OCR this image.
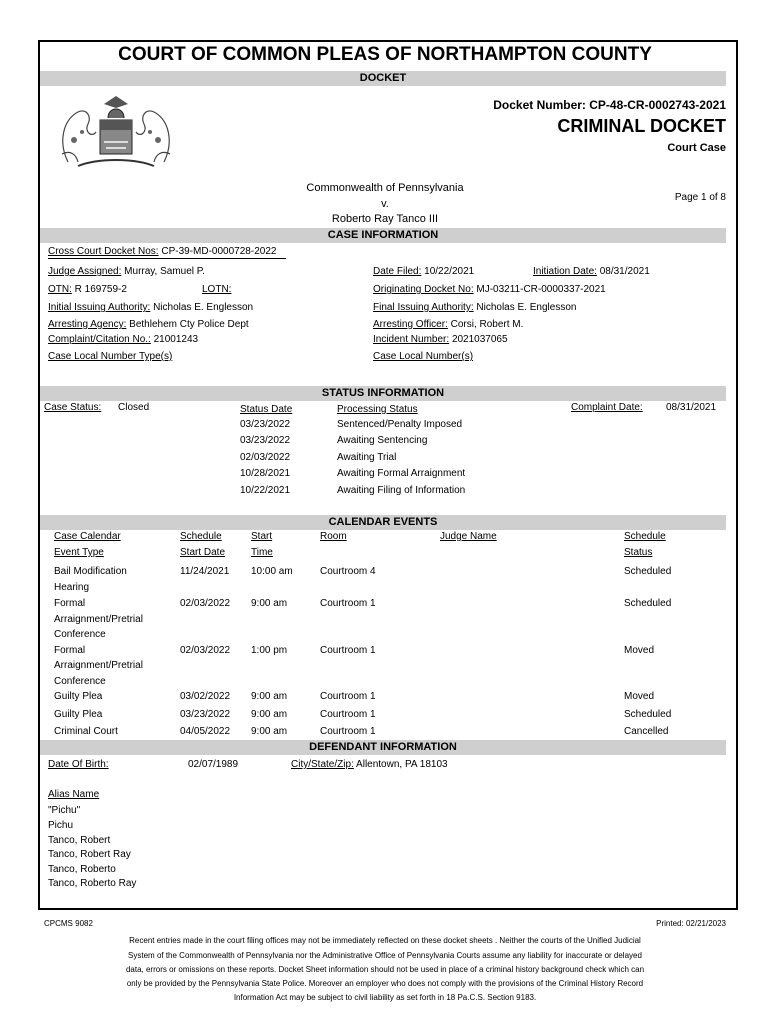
COURT OF COMMON PLEAS OF NORTHAMPTON COUNTY
DOCKET
Docket Number: CP-48-CR-0002743-2021
CRIMINAL DOCKET
Court Case
Commonwealth of Pennsylvania
v.
Roberto Ray Tanco III
Page 1 of 8
CASE INFORMATION
Cross Court Docket Nos: CP-39-MD-0000728-2022
Judge Assigned: Murray, Samuel P.	Date Filed: 10/22/2021	Initiation Date: 08/31/2021
OTN: R 169759-2	LOTN:	Originating Docket No: MJ-03211-CR-0000337-2021
Initial Issuing Authority: Nicholas E. Englesson	Final Issuing Authority: Nicholas E. Englesson
Arresting Agency: Bethlehem Cty Police Dept	Arresting Officer: Corsi, Robert M.
Complaint/Citation No.: 21001243	Incident Number: 2021037065
Case Local Number Type(s)	Case Local Number(s)
STATUS INFORMATION
Case Status: Closed	Status Date	Processing Status	Complaint Date: 08/31/2021
03/23/2022	Sentenced/Penalty Imposed
03/23/2022	Awaiting Sentencing
02/03/2022	Awaiting Trial
10/28/2021	Awaiting Formal Arraignment
10/22/2021	Awaiting Filing of Information
CALENDAR EVENTS
Case Calendar
Event Type
Schedule
Start Date
Start
Time
Room	Judge Name	Schedule
Status
Bail Modification
Hearing
11/24/2021 10:00 am	Courtroom 4	Scheduled
Formal
Arraignment/Pretrial
Conference
02/03/2022 9:00 am	Courtroom 1	Scheduled
Formal
Arraignment/Pretrial
Conference
02/03/2022 1:00 pm	Courtroom 1	Moved
Guilty Plea	03/02/2022 9:00 am	Courtroom 1	Moved
Guilty Plea	03/23/2022 9:00 am	Courtroom 1	Scheduled
Criminal Court	04/05/2022 9:00 am	Courtroom 1	Cancelled
DEFENDANT INFORMATION
Date Of Birth:	02/07/1989	City/State/Zip: Allentown, PA 18103
Alias Name
"Pichu"
Pichu
Tanco, Robert
Tanco, Robert Ray
Tanco, Roberto
Tanco, Roberto Ray
CPCMS 9082	Printed: 02/21/2023
Recent entries made in the court filing offices may not be immediately reflected on these docket sheets . Neither the courts of the Unified Judicial
System of the Commonwealth of Pennsylvania nor the Administrative Office of Pennsylvania Courts assume any liability for inaccurate or delayed
data, errors or omissions on these reports. Docket Sheet information should not be used in place of a criminal history background check which can
only be provided by the Pennsylvania State Police. Moreover an employer who does not comply with the provisions of the Criminal History Record
Information Act may be subject to civil liability as set forth in 18 Pa.C.S. Section 9183.
